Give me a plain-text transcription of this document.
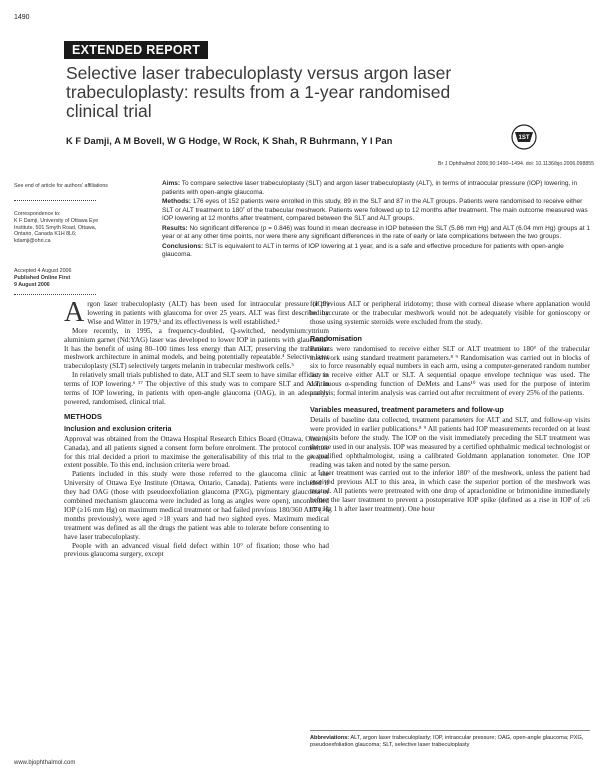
1490
EXTENDED REPORT
Selective laser trabeculoplasty versus argon laser trabeculoplasty: results from a 1-year randomised clinical trial
K F Damji, A M Bovell, W G Hodge, W Rock, K Shah, R Buhrmann, Y I Pan	1ST
Br J Ophthalmol 2006;90:1490–1494. doi: 10.1136/bjo.2006.098855
See end of article for authors' affiliations
Correspondence to:
K F Damji, University of Ottawa Eye Institute, 501 Smyth Road, Ottawa, Ontario, Canada K1H 8L6; kdamji@ohri.ca
Accepted 4 August 2006
Published Online First
9 August 2006

Aims: To compare selective laser trabeculoplasty (SLT) and argon laser trabeculoplasty (ALT), in terms of intraocular pressure (IOP) lowering, in patients with open-angle glaucoma.

Methods: 176 eyes of 152 patients were enrolled in this study, 89 in the SLT and 87 in the ALT groups. Patients were randomised to receive either SLT or ALT treatment to 180˚ of the trabecular meshwork. Patients were followed up to 12 months after treatment. The main outcome measured was IOP lowering at 12 months after treatment, compared between the SLT and ALT groups.

Results: No significant difference (p = 0.846) was found in mean decrease in IOP between the SLT (5.86 mm Hg) and ALT (6.04 mm Hg) groups at 1 year or at any other time points, nor were there any significant differences in the rate of early or late complications between the two groups.

Conclusions: SLT is equivalent to ALT in terms of IOP lowering at 1 year, and is a safe and effective procedure for patients with open-angle glaucoma.

Argon laser trabeculoplasty (ALT) has been used for intraocular pressure (IOP) lowering in patients with glaucoma for over 25 years. ALT was first described by Wise and Witter in 1979,¹ and its effectiveness is well established.²

More recently, in 1995, a frequency-doubled, Q-switched, neodymium:yttrium aluminium garnet (Nd:YAG) laser was developed to lower IOP in patients with glaucoma.³ It has the benefit of using 80–100 times less energy than ALT, preserving the trabecular meshwork architecture in animal models, and being potentially repeatable.⁴ Selective laser trabeculoplasty (SLT) selectively targets melanin in trabecular meshwork cells.⁵

In relatively small trials published to date, ALT and SLT seem to have similar efficacy in terms of IOP lowering.⁶ ¹⁷ The objective of this study was to compare SLT and ALT, in terms of IOP lowering, in patients with open-angle glaucoma (OAG), in an adequately powered, randomised, clinical trial.

METHODS
Inclusion and exclusion criteria

Approval was obtained from the Ottawa Hospital Research Ethics Board (Ottawa, Ontario, Canada), and all patients signed a consent form before enrolment. The protocol committee for this trial decided a priori to maximise the generalisability of this trial to the greatest extent possible. To this end, inclusion criteria were broad.

Patients included in this study were those referred to the glaucoma clinic at the University of Ottawa Eye Institute (Ottawa, Ontario, Canada). Patients were included if they had OAG (those with pseudoexfoliation glaucoma (PXG), pigmentary glaucoma or combined mechanism glaucoma were included as long as angles were open), uncontrolled IOP (≥16 mm Hg) on maximum medical treatment or had failed previous 180/360 ALT (>6 months previously), were aged >18 years and had two sighted eyes. Maximum medical treatment was defined as all the drugs the patient was able to tolerate before consenting to have laser trabeculoplasty.

People with an advanced visual field defect within 10° of fixation; those who had previous glaucoma surgery, except

for previous ALT or peripheral iridotomy; those with corneal disease where applanation would be inaccurate or the trabecular meshwork would not be adequately visible for gonioscopy or those using systemic steroids were excluded from the study.

Randomisation

Patients were randomised to receive either SLT or ALT treatment to 180° of the trabecular meshwork using standard treatment parameters.⁸ ⁹ Randomisation was carried out in blocks of six to force reasonably equal numbers in each arm, using a computer-generated random number list to receive either ALT or SLT. A sequential opaque envelope technique was used. The continuous α-spending function of DeMets and Lans¹⁰ was used for the purpose of interim analysis; formal interim analysis was carried out after recruitment of every 25% of the patients.

Variables measured, treatment parameters and follow-up

Details of baseline data collected, treatment parameters for ALT and SLT, and follow-up visits were provided in earlier publications.⁸ ⁹ All patients had IOP measurements recorded on at least two visits before the study. The IOP on the visit immediately preceding the SLT treatment was the one used in our analysis. IOP was measured by a certified ophthalmic medical technologist or a qualified ophthalmologist, using a calibrated Goldmann applanation tonometer. One IOP reading was taken and noted by the same person.

Laser treatment was carried out to the inferior 180° of the meshwork, unless the patient had received previous ALT to this area, in which case the superior portion of the meshwork was treated. All patients were pretreated with one drop of apraclonidine or brimonidine immediately before the laser treatment to prevent a postoperative IOP spike (defined as a rise in IOP of ≥6 mm Hg 1 h after laser treatment). One hour

Abbreviations: ALT, argon laser trabeculoplasty; IOP, intraocular pressure; OAG, open-angle glaucoma; PXG, pseudoexfoliation glaucoma; SLT, selective laser trabeculoplasty
www.bjophthalmol.com
